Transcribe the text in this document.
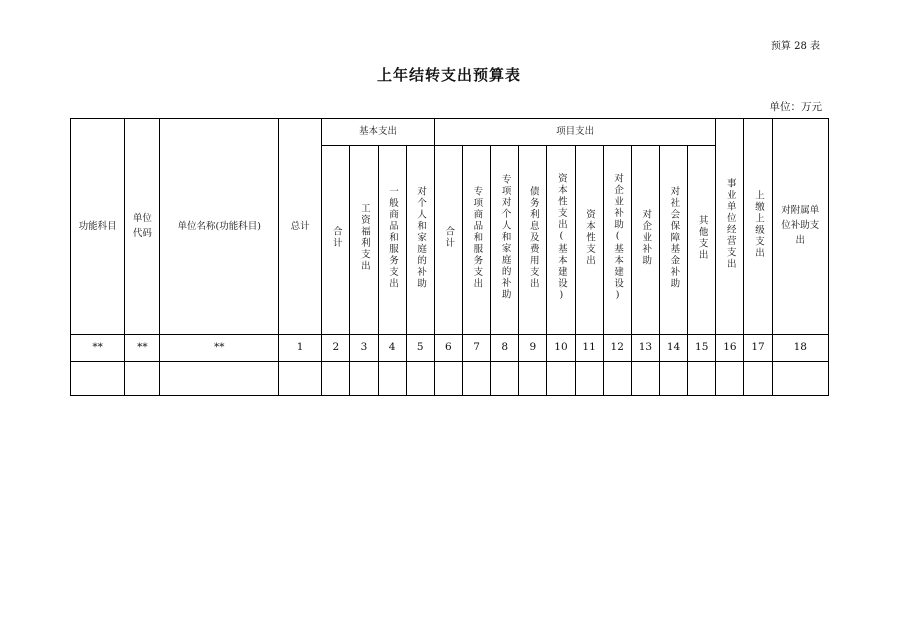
预算 28 表
上年结转支出预算表
单位：万元
功能科目	单位代码	单位名称(功能科目)	总计	基本支出				项目支出										事业单位经营支出	上缴上级支出	对附属单位补助支出
				合计	工资福利支出	一般商品和服务支出	对个人和家庭的补助	合计	专项商品和服务支出	专项对个人和家庭的补助	债务利息及费用支出	资本性支出(基本建设)	资本性支出	对企业补助(基本建设)	对企业补助	对社会保障基金补助	其他支出			
**	**	**	1	2	3	4	5	6	7	8	9	10	11	12	13	14	15	16	17	18
